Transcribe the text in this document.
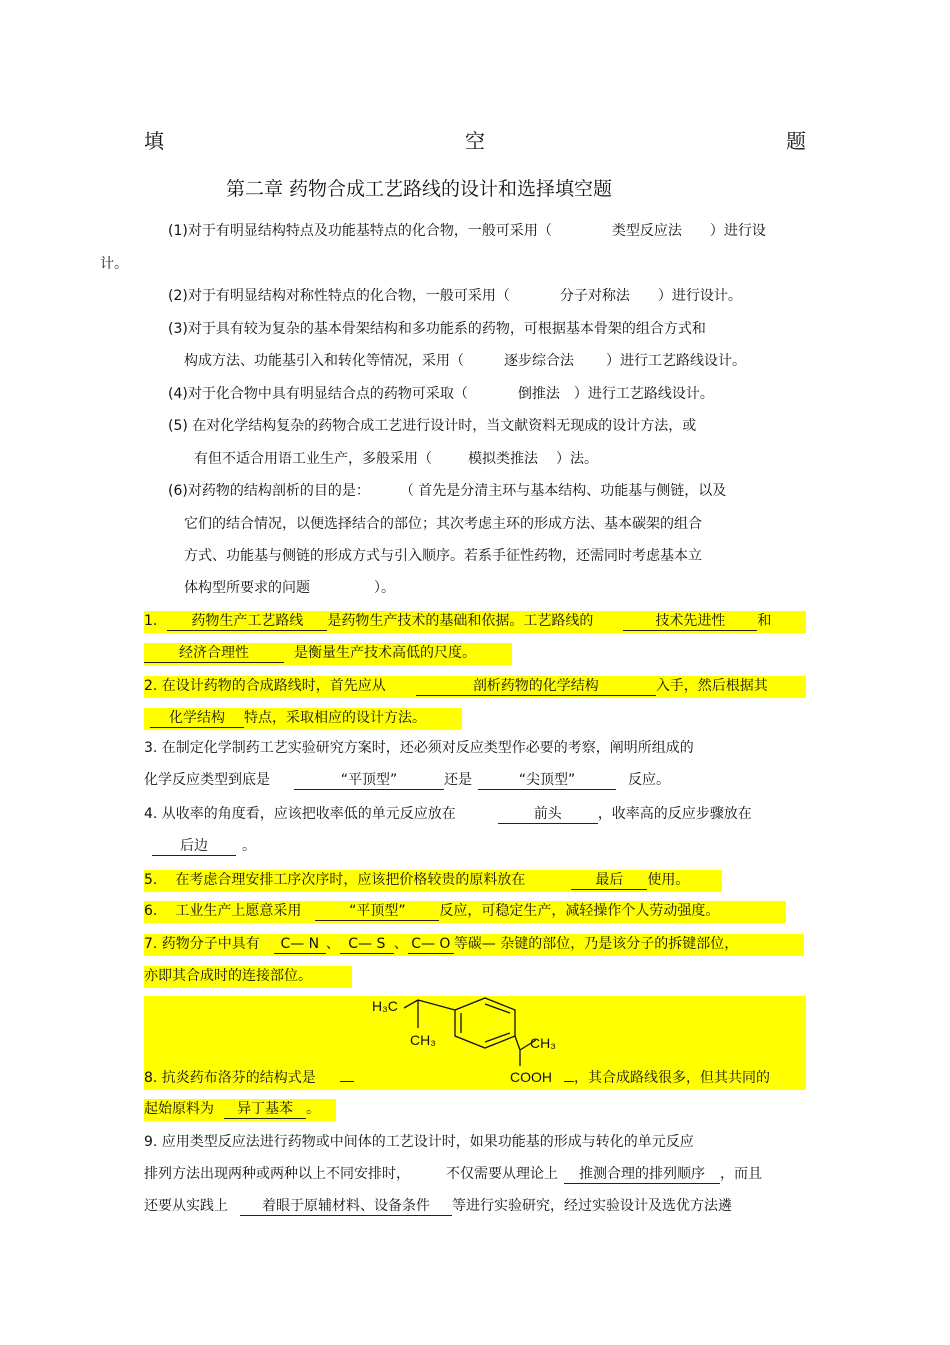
填	空	题
第二章 药物合成工艺路线的设计和选择填空题
(1)对于有明显结构特点及功能基特点的化合物，一般可采用（	类型反应法 ）进行设
计。
(2)对于有明显结构对称性特点的化合物，一般可采用（	分子对称法 ）进行设计。
(3)对于具有较为复杂的基本骨架结构和多功能系的药物，可根据基本骨架的组合方式和
构成方法、功能基引入和转化等情况，采用（	逐步综合法 ）进行工艺路线设计。
(4)对于化合物中具有明显结合点的药物可采取（	倒推法 ）进行工艺路线设计。
(5) 在对化学结构复杂的药物合成工艺进行设计时，当文献资料无现成的设计方法，或
有但不适合用语工业生产，多般采用（	模拟类推法 ）法。
(6)对药物的结构剖析的目的是： （ 首先是分清主环与基本结构、功能基与侧链，以及
它们的结合情况，以便选择结合的部位；其次考虑主环的形成方法、基本碳架的组合
方式、功能基与侧链的形成方式与引入顺序。若系手征性药物，还需同时考虑基本立
体构型所要求的问题	）。
1. 药物生产工艺路线 是药物生产技术的基础和依据。工艺路线的	技术先进性 和
经济合理性	是衡量生产技术高低的尺度。
2. 在设计药物的合成路线时，首先应从	剖析药物的化学结构	入手，然后根据其
化学结构 特点，采取相应的设计方法。
3. 在制定化学制药工艺实验研究方案时，还必须对反应类型作必要的考察，阐明所组成的
化学反应类型到底是	“平顶型”	还是	“尖顶型”	反应。
4. 从收率的角度看，应该把收率低的单元反应放在	前头	，收率高的反应步骤放在
后边 。
5. 在考虑合理安排工序次序时，应该把价格较贵的原料放在	最后 使用。
6. 工业生产上愿意采用	“平顶型” 反应，可稳定生产，减轻操作个人劳动强度。
7. 药物分子中具有 C— N 、 C— S 、 C— O 等碳— 杂键的部位，乃是该分子的拆键部位，
亦即其合成时的连接部位。
H₃C
CH₃	CH₃
COOH
8. 抗炎药布洛芬的结构式是	，其合成路线很多，但其共同的
起始原料为 异丁基苯 。
9. 应用类型反应法进行药物或中间体的工艺设计时，如果功能基的形成与转化的单元反应
排列方法出现两种或两种以上不同安排时，	不仅需要从理论上 推测合理的排列顺序 ，而且
还要从实践上 着眼于原辅材料、设备条件 等进行实验研究，经过实验设计及选优方法遴
